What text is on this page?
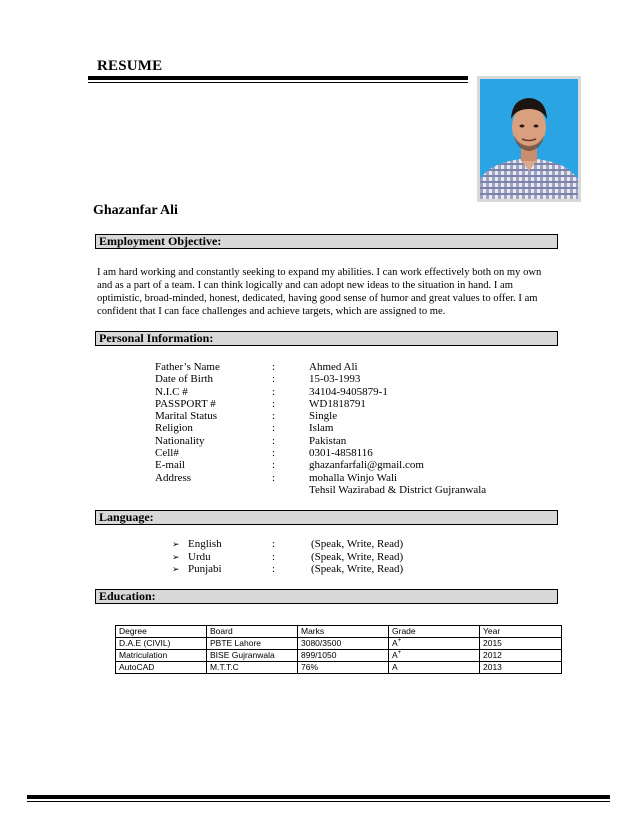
RESUME
Ghazanfar Ali
Employment Objective:
I am hard working and constantly seeking to expand my abilities. I can work effectively both on my own and as a part of a team. I can think logically and can adopt new ideas to the situation in hand. I am optimistic, broad-minded, honest, dedicated, having good sense of humor and great values to offer. I am confident that I can face challenges and achieve targets, which are assigned to me.
Personal Information:
Father’s Name	:	Ahmed Ali
Date of Birth	:	15-03-1993
N.I.C #	:	34104-9405879-1
PASSPORT #	:	WD1818791
Marital Status	:	Single
Religion	:	Islam
Nationality	:	Pakistan
Cell#	:	0301-4858116
E-mail	:	ghazanfarfali@gmail.com
Address	:	mohalla Winjo Wali
Tehsil Wazirabad & District Gujranwala
Language:
➢ English	:	(Speak, Write, Read)
➢ Urdu	:	(Speak, Write, Read)
➢ Punjabi	:	(Speak, Write, Read)
Education:
Degree	Board	Marks	Grade	Year
D.A.E (CIVIL)	PBTE Lahore	3080/3500	A+	2015
Matriculation	BISE Gujranwala	899/1050	A+	2012
AutoCAD	M.T.T.C	76%	A	2013
